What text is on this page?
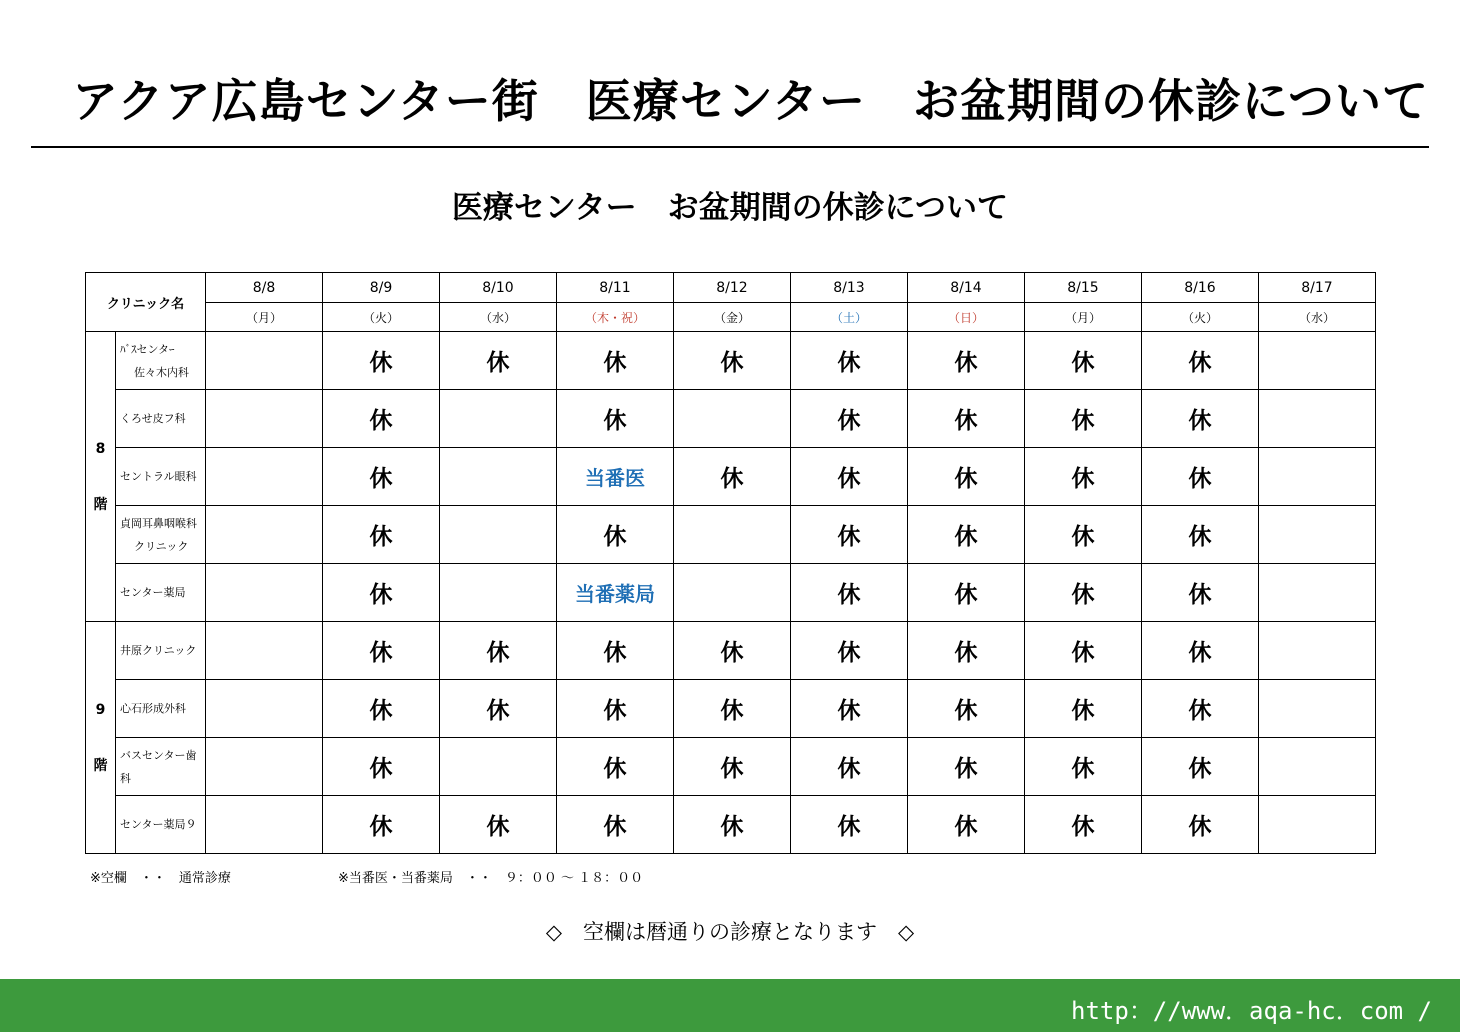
アクア広島センター街　医療センター　お盆期間の休診について
医療センター　お盆期間の休診について
クリニック名		8/8	8/9	8/10	8/11	8/12	8/13	8/14	8/15	8/16	8/17
		（月）	（火）	（水）	（木・祝）	（金）	（土）	（日）	（月）	（火）	（水）

8
階	ﾊﾞｽセンタｰ
佐々木内科		休	休	休	休	休	休	休	休	

	くろせ皮フ科		休		休		休	休	休	休	

	セントラル眼科		休		当番医	休	休	休	休	休	

	貞岡耳鼻咽喉科
クリニック		休		休		休	休	休	休	

	センター薬局		休		当番薬局		休	休	休	休	

9
階	井原クリニック		休	休	休	休	休	休	休	休	

	心石形成外科		休	休	休	休	休	休	休	休	

	バスセンター歯科		休		休	休	休	休	休	休	

	センター薬局９		休	休	休	休	休	休	休	休	
※空欄　・・　通常診療	※当番医・当番薬局　・・　９：００ ～ １８：００
◇　空欄は暦通りの診療となります　◇
http：//www．aqa-hc．com /
